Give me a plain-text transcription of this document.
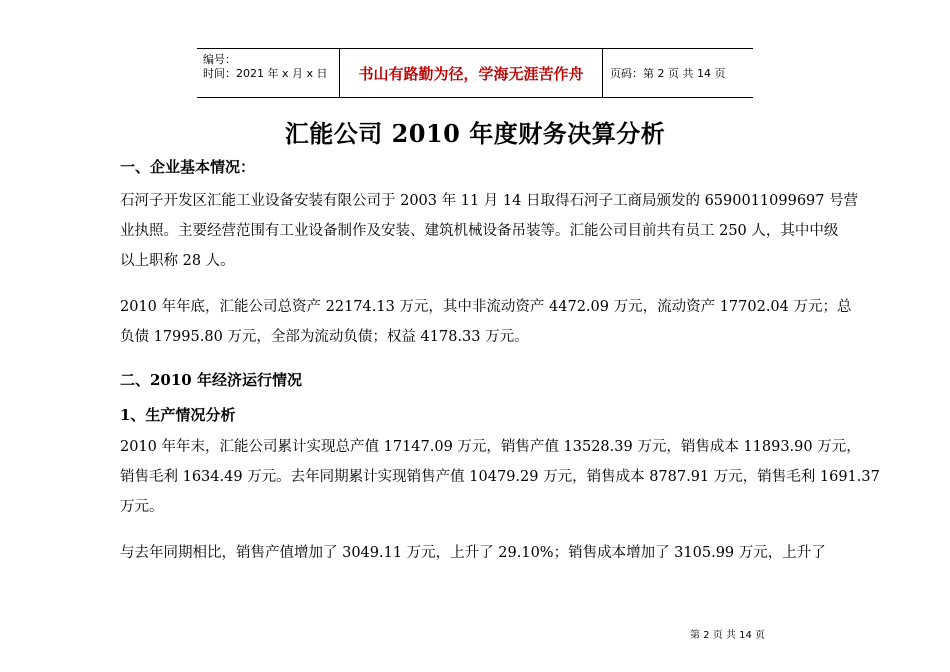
编号：
时间：2021 年 x 月 x 日	书山有路勤为径，学海无涯苦作舟 页码：第 2 页 共 14 页
汇能公司 2010 年度财务决算分析
一、企业基本情况：
石河子开发区汇能工业设备安装有限公司于 2003 年 11 月 14 日取得石河子工商局颁发的 6590011099697 号营
业执照。主要经营范围有工业设备制作及安装、建筑机械设备吊装等。汇能公司目前共有员工 250 人，其中中级
以上职称 28 人。
2010 年年底，汇能公司总资产 22174.13 万元，其中非流动资产 4472.09 万元，流动资产 17702.04 万元；总
负债 17995.80 万元，全部为流动负债；权益 4178.33 万元。
二、2010 年经济运行情况
1、生产情况分析
2010 年年末，汇能公司累计实现总产值 17147.09 万元，销售产值 13528.39 万元，销售成本 11893.90 万元，
销售毛利 1634.49 万元。去年同期累计实现销售产值 10479.29 万元，销售成本 8787.91 万元，销售毛利 1691.37
万元。
与去年同期相比，销售产值增加了 3049.11 万元，上升了 29.10%；销售成本增加了 3105.99 万元，上升了
第 2 页 共 14 页
